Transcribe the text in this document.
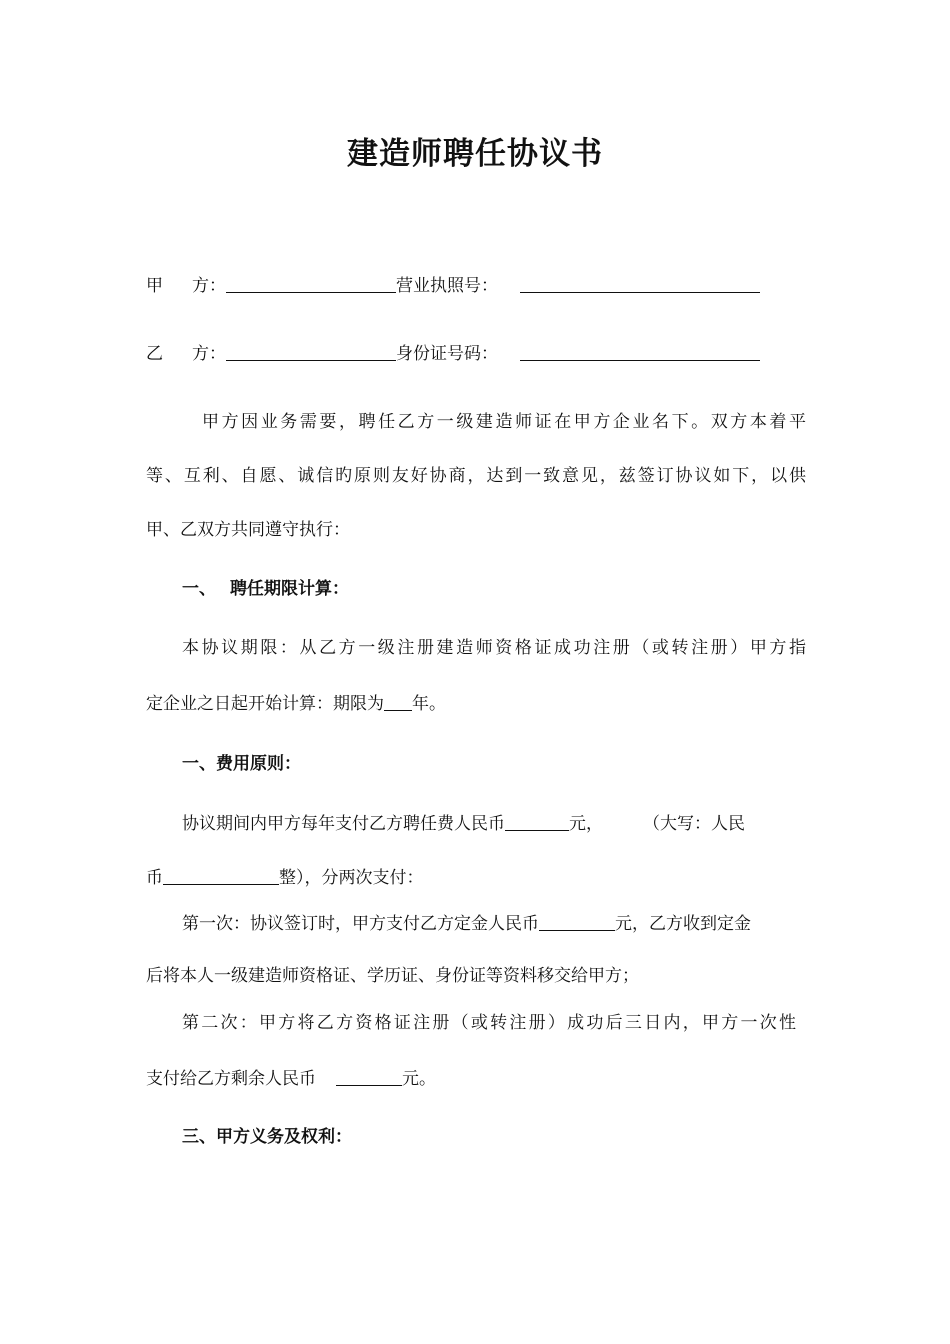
建造师聘任协议书
甲 方：	营业执照号：
乙 方：	身份证号码：
甲方因业务需要，聘任乙方一级建造师证在甲方企业名下。双方本着平
等、互利、自愿、诚信旳原则友好协商，达到一致意见，兹签订协议如下，以供
甲、乙双方共同遵守执行：
一、 聘任期限计算：
本协议期限：从乙方一级注册建造师资格证成功注册（或转注册）甲方指
定企业之日起开始计算：期限为 年。
一、费用原则：
协议期间内甲方每年支付乙方聘任费人民币	元， （大写：人民
币	整），分两次支付：
第一次：协议签订时，甲方支付乙方定金人民币	元，乙方收到定金
后将本人一级建造师资格证、学历证、身份证等资料移交给甲方；
第二次：甲方将乙方资格证注册（或转注册）成功后三日内，甲方一次性
支付给乙方剩余人民币	元。
三、甲方义务及权利：
